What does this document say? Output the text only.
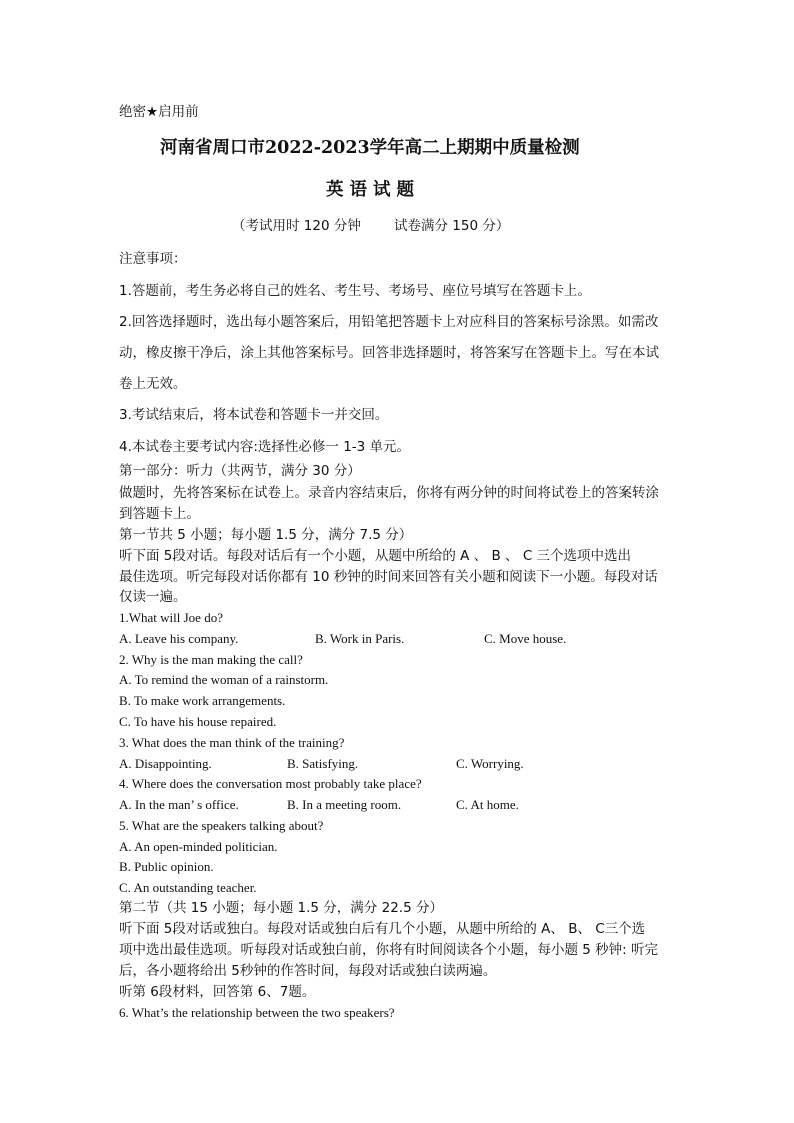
绝密★启用前
河南省周口市2022-2023学年高二上期期中质量检测
英语试题
（考试用时 120 分钟 试卷满分 150 分）
注意事项：
1.答题前，考生务必将自己的姓名、考生号、考场号、座位号填写在答题卡上。
2.回答选择题时，选出每小题答案后，用铅笔把答题卡上对应科目的答案标号涂黑。如需改
动，橡皮擦干净后，涂上其他答案标号。回答非选择题时，将答案写在答题卡上。写在本试
卷上无效。
3.考试结束后，将本试卷和答题卡一并交回。
4.本试卷主要考试内容:选择性必修一 1-3 单元。
第一部分：听力（共两节，满分 30 分）
做题时，先将答案标在试卷上。录音内容结束后，你将有两分钟的时间将试卷上的答案转涂
到答题卡上。
第一节共 5 小题；每小题 1.5 分，满分 7.5 分）
听下面 5段对话。每段对话后有一个小题，从题中所给的 A 、 B 、 C 三个选项中选出
最佳选项。听完每段对话你都有 10 秒钟的时间来回答有关小题和阅读下一小题。每段对话
仅读一遍。
1.What will Joe do?
A. Leave his company.	B. Work in Paris.	C. Move house.
2. Why is the man making the call?
A. To remind the woman of a rainstorm.
B. To make work arrangements.
C. To have his house repaired.
3. What does the man think of the training?
A. Disappointing.	B. Satisfying.	C. Worrying.
4. Where does the conversation most probably take place?
A. In the man’ s office.	B. In a meeting room.	C. At home.
5. What are the speakers talking about?
A. An open-minded politician.
B. Public opinion.
C. An outstanding teacher.
第二节（共 15 小题；每小题 1.5 分，满分 22.5 分）
听下面 5段对话或独白。每段对话或独白后有几个小题，从题中所给的 A、 B、 C三个选
项中选出最佳选项。听每段对话或独白前，你将有时间阅读各个小题，每小题 5 秒钟: 听完
后，各小题将给出 5秒钟的作答时间，每段对话或独白读两遍。
听第 6段材料，回答第 6、7题。
6. What’s the relationship between the two speakers?
